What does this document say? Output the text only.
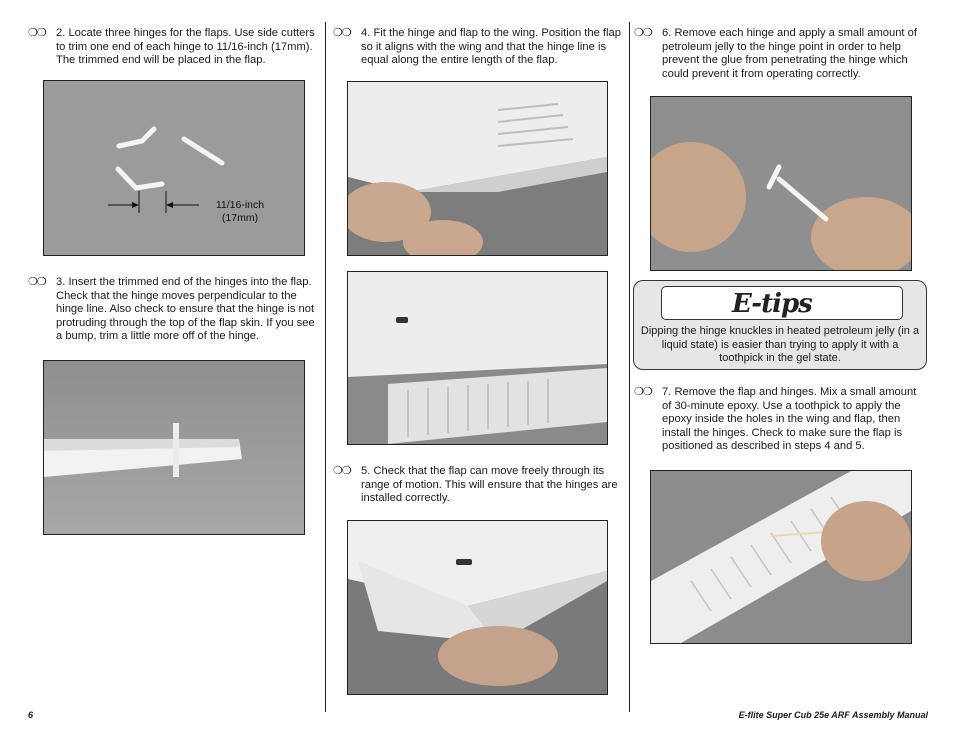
❍❍ 2. Locate three hinges for the flaps. Use side cutters to trim one end of each hinge to 11/16-inch (17mm). The trimmed end will be placed in the flap.
11/16-inch
(17mm)
❍❍ 3. Insert the trimmed end of the hinges into the flap. Check that the hinge moves perpendicular to the hinge line. Also check to ensure that the hinge is not protruding through the top of the flap skin. If you see a bump, trim a little more off of the hinge.
❍❍ 4. Fit the hinge and flap to the wing. Position the flap so it aligns with the wing and that the hinge line is equal along the entire length of the flap.
❍❍ 5. Check that the flap can move freely through its range of motion. This will ensure that the hinges are installed correctly.
❍❍ 6. Remove each hinge and apply a small amount of petroleum jelly to the hinge point in order to help prevent the glue from penetrating the hinge which could prevent it from operating correctly.
E-tips
Dipping the hinge knuckles in heated petroleum jelly (in a liquid state) is easier than trying to apply it with a toothpick in the gel state.
❍❍ 7. Remove the flap and hinges. Mix a small amount of 30-minute epoxy. Use a toothpick to apply the epoxy inside the holes in the wing and flap, then install the hinges. Check to make sure the flap is positioned as described in steps 4 and 5.
6	E-flite Super Cub 25e ARF Assembly Manual
